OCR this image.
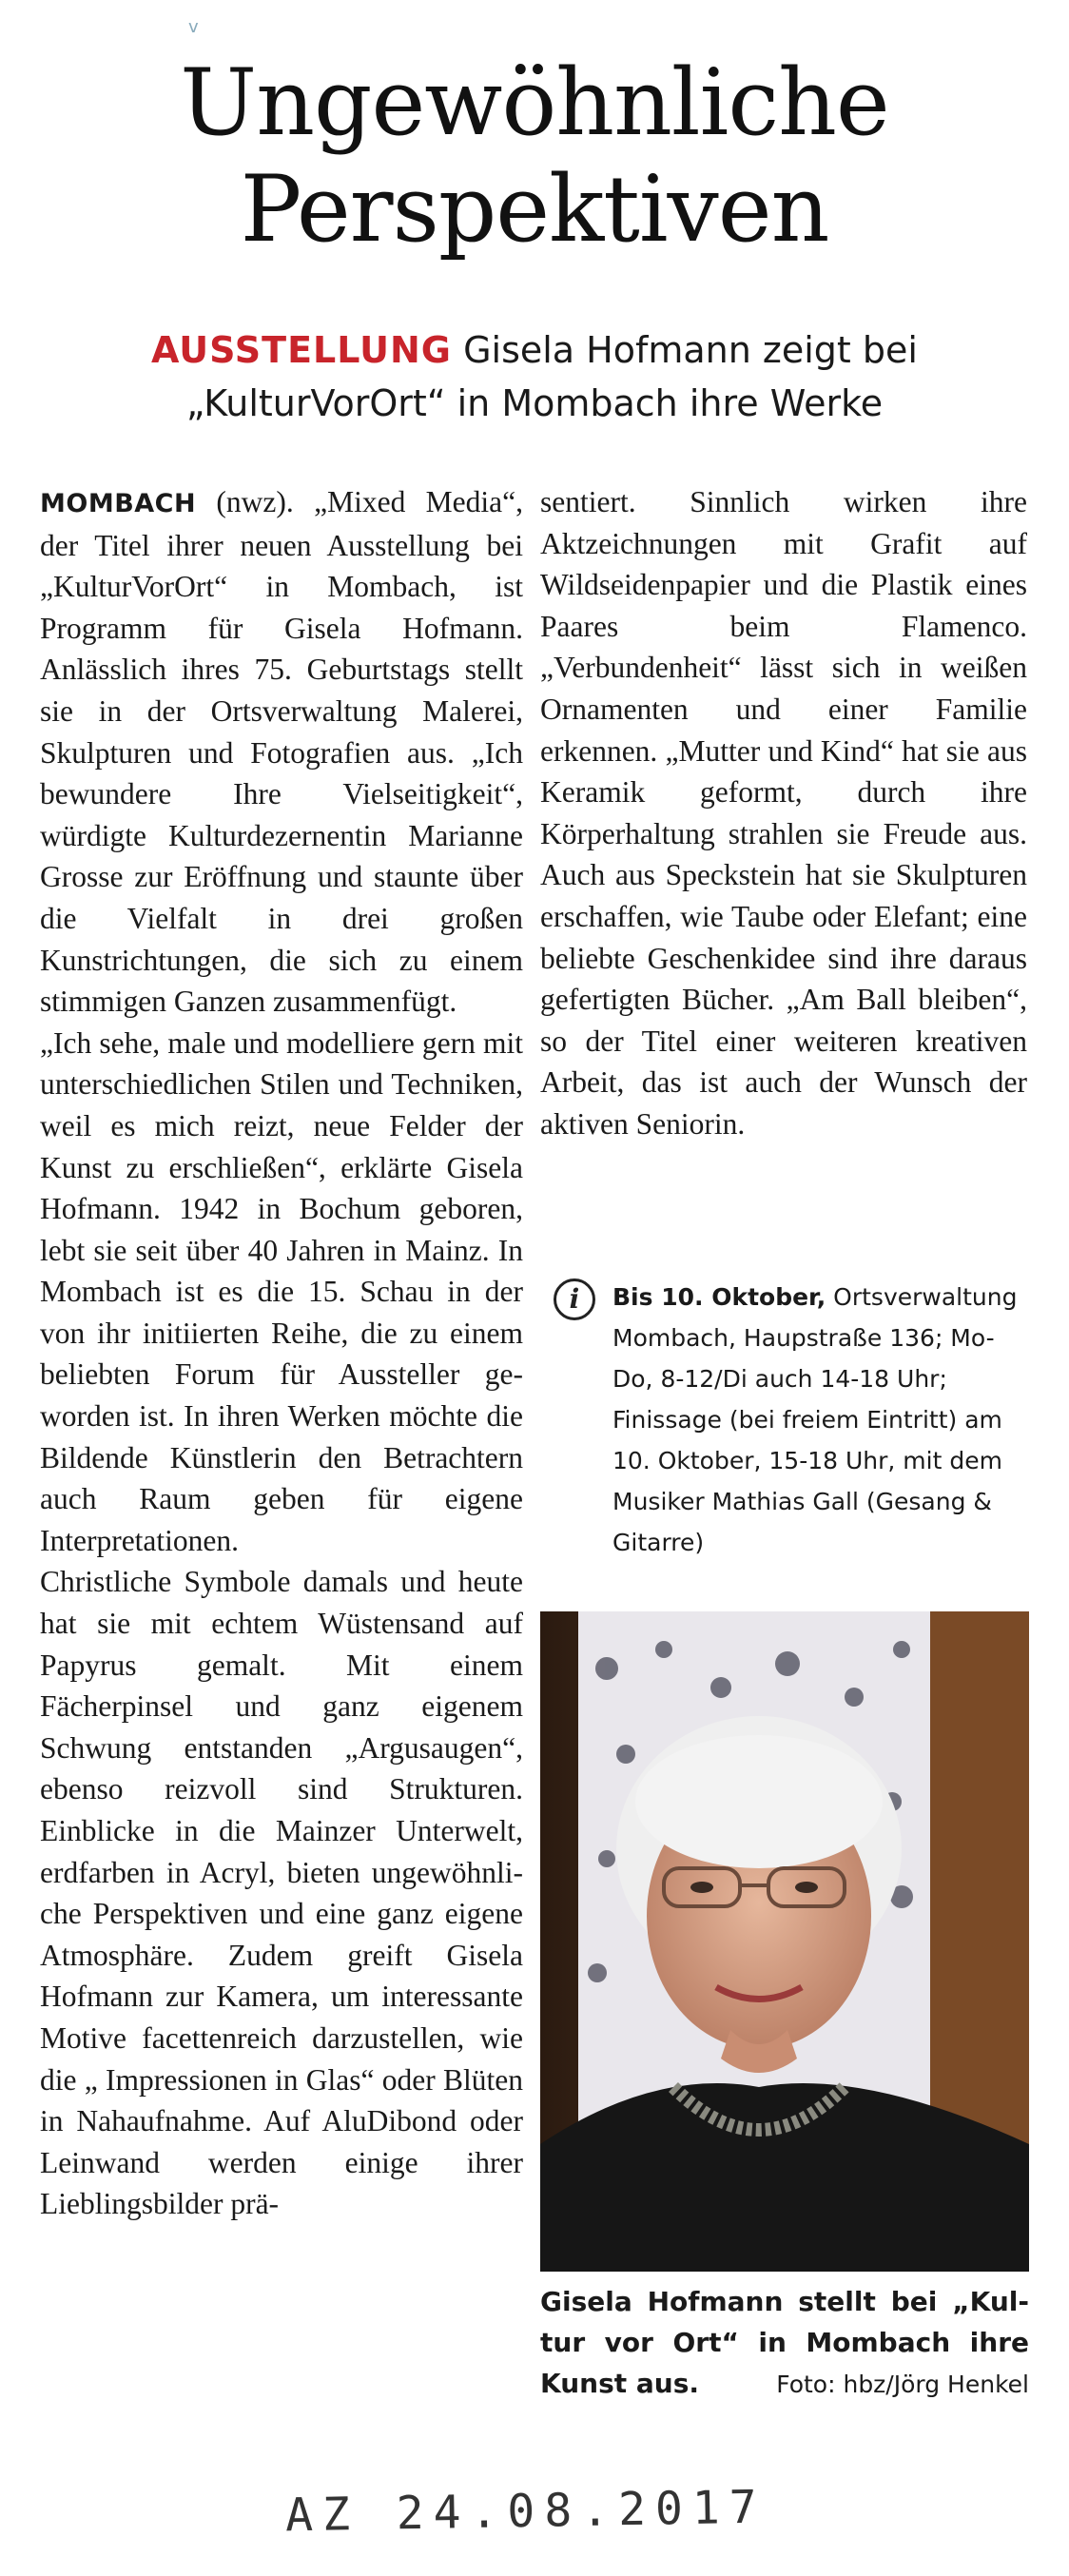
v
Ungewöhnliche
Perspektiven
AUSSTELLUNG Gisela Hofmann zeigt bei
„KulturVorOrt“ in Mombach ihre Werke

MOMBACH (nwz). „Mixed Media“, der Titel ihrer neuen Ausstellung bei „KulturVorOrt“ in Mombach, ist Programm für Gisela Hofmann. Anlässlich ihres 75. Geburtstags stellt sie in der Ortsverwaltung Malerei, Skulpturen und Fotografien aus. „Ich bewundere Ihre Vielseitigkeit“, würdigte Kulturdezernentin Marianne Grosse zur Eröffnung und staunte über die Vielfalt in drei großen Kunstrichtungen, die sich zu einem stimmigen Ganzen zusammenfügt.

„Ich sehe, male und modelliere gern mit unterschiedlichen Stilen und Techniken, weil es mich reizt, neue Felder der Kunst zu erschließen“, erklärte Gisela Hofmann. 1942 in Bochum geboren, lebt sie seit über 40 Jahren in Mainz. In Mombach ist es die 15. Schau in der von ihr initiierten Reihe, die zu einem beliebten Forum für Aussteller geworden ist. In ihren Werken möchte die Bildende Künstlerin den Betrachtern auch Raum geben für eigene Interpretationen.

Christliche Symbole damals und heute hat sie mit echtem Wüstensand auf Papyrus gemalt. Mit einem Fächerpinsel und ganz eigenem Schwung entstanden „Argusaugen“, ebenso reizvoll sind Strukturen. Einblicke in die Mainzer Unterwelt, erdfarben in Acryl, bieten ungewöhnliche Perspektiven und eine ganz eigene Atmosphäre. Zudem greift Gisela Hofmann zur Kamera, um interessante Motive facettenreich darzustellen, wie die „ Impressionen in Glas“ oder Blüten in Nahaufnahme. Auf AluDibond oder Leinwand werden einige ihrer Lieblingsbilder prä-

sentiert. Sinnlich wirken ihre Aktzeichnungen mit Grafit auf Wildseidenpapier und die Plastik eines Paares beim Flamenco. „Verbundenheit“ lässt sich in weißen Ornamenten und einer Familie erkennen. „Mutter und Kind“ hat sie aus Keramik geformt, durch ihre Körperhaltung strahlen sie Freude aus. Auch aus Speckstein hat sie Skulpturen erschaffen, wie Taube oder Elefant; eine beliebte Geschenkidee sind ihre daraus gefertigten Bücher. „Am Ball bleiben“, so der Titel einer weiteren kreativen Arbeit, das ist auch der Wunsch der aktiven Seniorin.

i	Bis 10. Oktober, Ortsverwaltung Mombach, Haupstraße 136; Mo-Do, 8-12/Di auch 14-18 Uhr; Finissage (bei freiem Eintritt) am 10. Oktober, 15-18 Uhr, mit dem Musiker Mathias Gall (Gesang & Gitarre)
Gisela Hofmann stellt bei „Kultur vor Ort“ in Mombach ihre Kunst aus.	Foto: hbz/Jörg Henkel
AZ 24.08.2017
